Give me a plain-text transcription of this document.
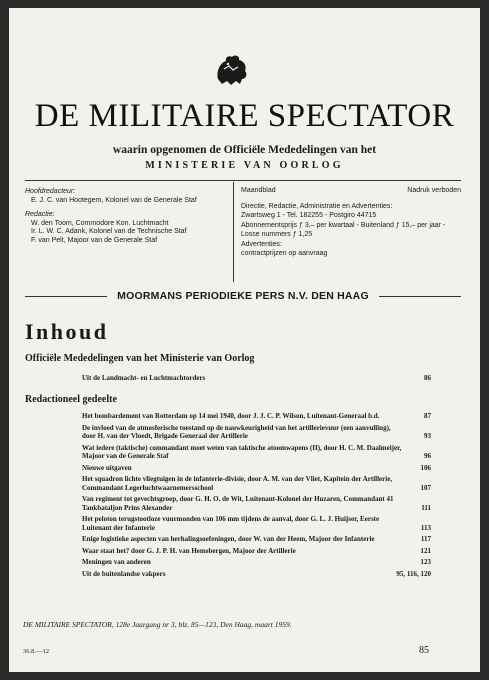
DE MILITAIRE SPECTATOR
waarin opgenomen de Officiële Mededelingen van het
MINISTERIE VAN OORLOG
Hoofdredacteur:
E. J. C. van Hootegem, Kolonel van de Generale Staf
Redactie:
W. den Toom, Commodore Kon. Luchtmacht
Ir. L. W. C. Adank, Kolonel van de Technische Staf
F. van Pelt, Majoor van de Generale Staf
Maandblad	Nadruk verboden
Directie, Redactie, Administratie en Advertenties:
Zwartsweg 1 - Tel. 182255 - Postgiro 44715
Abonnementsprijs ƒ 3,– per kwartaal - Buitenland ƒ 15,– per jaar - Losse nummers ƒ 1,25
Advertenties:
contractprijzen op aanvraag
MOORMANS PERIODIEKE PERS N.V. DEN HAAG
Inhoud
Officiële Mededelingen van het Ministerie van Oorlog
Uit de Landmacht- en Luchtmachtorders	86
Redactioneel gedeelte
Het bombardement van Rotterdam op 14 mei 1940, door J. J. C. P. Wilson, Luitenant-Generaal b.d.	87
De invloed van de atmosferische toestand op de nauwkeurigheid van het artillerievuur (een aanvulling), door H. van der Vloedt, Brigade Generaal der Artillerie	93
Wat iedere (taktische) commandant moet weten van taktische atoomwapens (II), door H. C. M. Daalmeijer, Majoor van de Generale Staf	96
Nieuwe uitgaven	106
Het squadron lichte vliegtuigen in de infanterie-divisie, door A. M. van der Vliet, Kapitein der Artillerie, Commandant Legerluchtwaarnemersschool	107
Van regiment tot gevechtsgroep, door G. H. O. de Wit, Luitenant-Kolonel der Huzaren, Commandant 41 Tankbataljon Prins Alexander	111
Het peloton terugstootloze vuurmonden van 106 mm tijdens de aanval, door G. L. J. Huijser, Eerste Luitenant der Infanterie	113
Enige logistieke aspecten van herhalingsoefeningen, door W. van der Heem, Majoor der Infanterie	117
Waar staat het? door G. J. P. H. van Hemsbergen, Majoor der Artillerie	121
Meningen van anderen	123
Uit de buitenlandse vakpers	95, 116, 120
DE MILITAIRE SPECTATOR, 128e Jaargang nr 3, blz. 85—123, Den Haag, maart 1959.
36.8.—12	85
